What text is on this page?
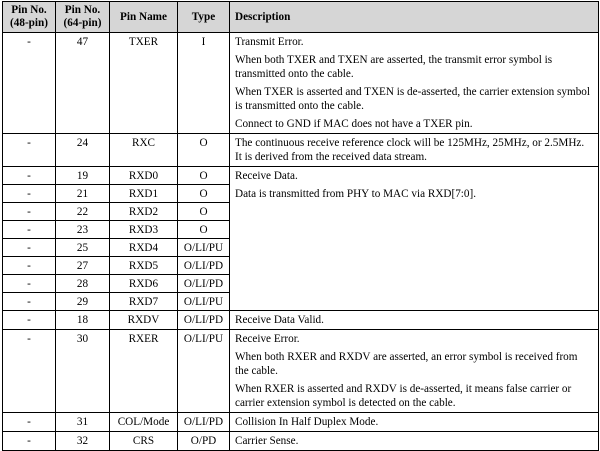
Pin No. (48-pin)	Pin No. (64-pin)	Pin Name	Type	Description
-	47	TXER	I	Transmit Error.
When both TXER and TXEN are asserted, the transmit error symbol is transmitted onto the cable.
When TXER is asserted and TXEN is de-asserted, the carrier extension symbol is transmitted onto the cable.
Connect to GND if MAC does not have a TXER pin.

-	24	RXC	O	The continuous receive reference clock will be 125MHz, 25MHz, or 2.5MHz. It is derived from the received data stream.

-	19	RXD0	O	Receive Data.
Data is transmitted from PHY to MAC via RXD[7:0].

-	21	RXD1	O	
-	22	RXD2	O	
-	23	RXD3	O	
-	25	RXD4	O/LI/PU	
-	27	RXD5	O/LI/PD	
-	28	RXD6	O/LI/PD	
-	29	RXD7	O/LI/PU	
-	18	RXDV	O/LI/PD	Receive Data Valid.

-	30	RXER	O/LI/PU	Receive Error.
When both RXER and RXDV are asserted, an error symbol is received from the cable.
When RXER is asserted and RXDV is de-asserted, it means false carrier or carrier extension symbol is detected on the cable.

-	31	COL/Mode	O/LI/PD	Collision In Half Duplex Mode.

-	32	CRS	O/PD	Carrier Sense.
